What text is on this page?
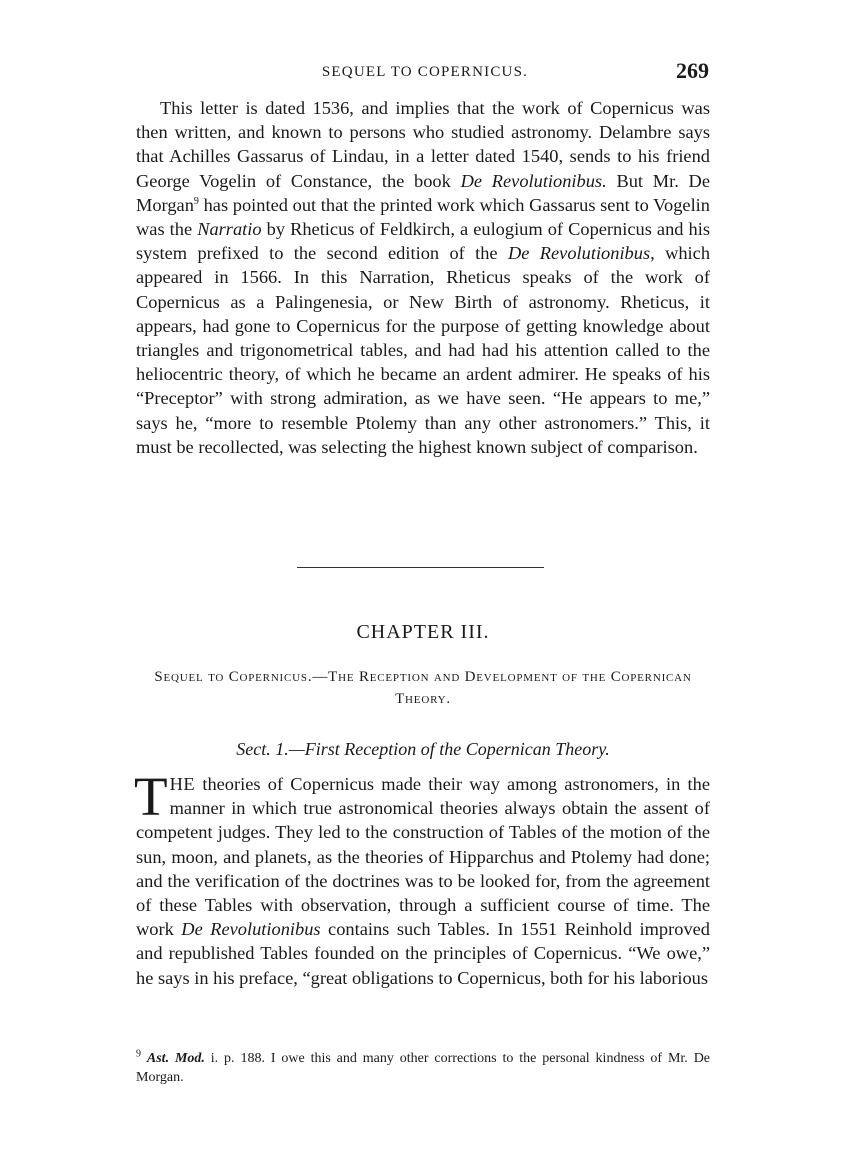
SEQUEL TO COPERNICUS.	269

This letter is dated 1536, and implies that the work of Copernicus was then written, and known to persons who studied astronomy. Delambre says that Achilles Gassarus of Lindau, in a letter dated 1540, sends to his friend George Vogelin of Constance, the book De Revolutionibus. But Mr. De Morgan$^9$ has pointed out that the printed work which Gassarus sent to Vogelin was the Narratio by Rheticus of Feldkirch, a eulogium of Copernicus and his system prefixed to the second edition of the De Revolutionibus, which appeared in 1566. In this Narration, Rheticus speaks of the work of Copernicus as a Palingenesia, or New Birth of astronomy. Rheticus, it appears, had gone to Copernicus for the purpose of getting knowledge about triangles and trigonometrical tables, and had had his attention called to the heliocentric theory, of which he became an ardent admirer. He speaks of his “Preceptor” with strong admiration, as we have seen. “He appears to me,” says he, “more to resemble Ptolemy than any other astronomers.” This, it must be recollected, was selecting the highest known subject of comparison.

CHAPTER III.
Sequel to Copernicus.—The Reception and Development of the Copernican Theory.
Sect. 1.—First Reception of the Copernican Theory.

THE theories of Copernicus made their way among astronomers, in the manner in which true astronomical theories always obtain the assent of competent judges. They led to the construction of Tables of the motion of the sun, moon, and planets, as the theories of Hipparchus and Ptolemy had done; and the verification of the doctrines was to be looked for, from the agreement of these Tables with observation, through a sufficient course of time. The work De Revolutionibus contains such Tables. In 1551 Reinhold improved and republished Tables founded on the principles of Copernicus. “We owe,” he says in his preface, “great obligations to Copernicus, both for his laborious

$^9$ Ast. Mod. i. p. 188. I owe this and many other corrections to the personal kindness of Mr. De Morgan.
